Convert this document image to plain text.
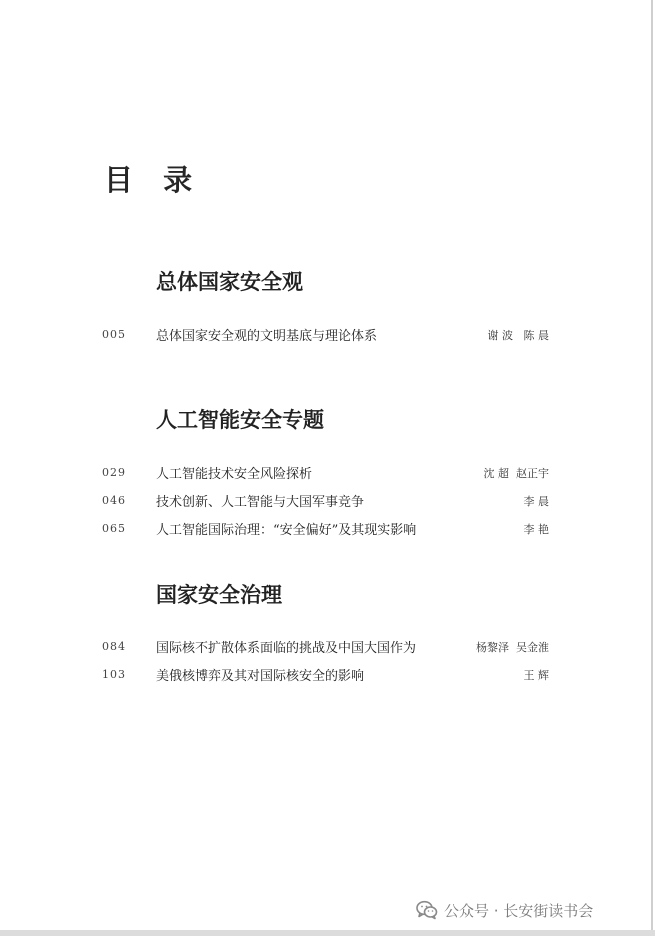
目 录
总体国家安全观
005 总体国家安全观的文明基底与理论体系	谢 波   陈 晨
人工智能安全专题
029 人工智能技术安全风险探析	沈 超  赵正宇
046 技术创新、人工智能与大国军事竞争	李 晨
065 人工智能国际治理：“安全偏好”及其现实影响	李 艳
国家安全治理
084 国际核不扩散体系面临的挑战及中国大国作为	杨黎泽  吴金淮
103 美俄核博弈及其对国际核安全的影响	王 辉
公众号 · 长安街读书会
